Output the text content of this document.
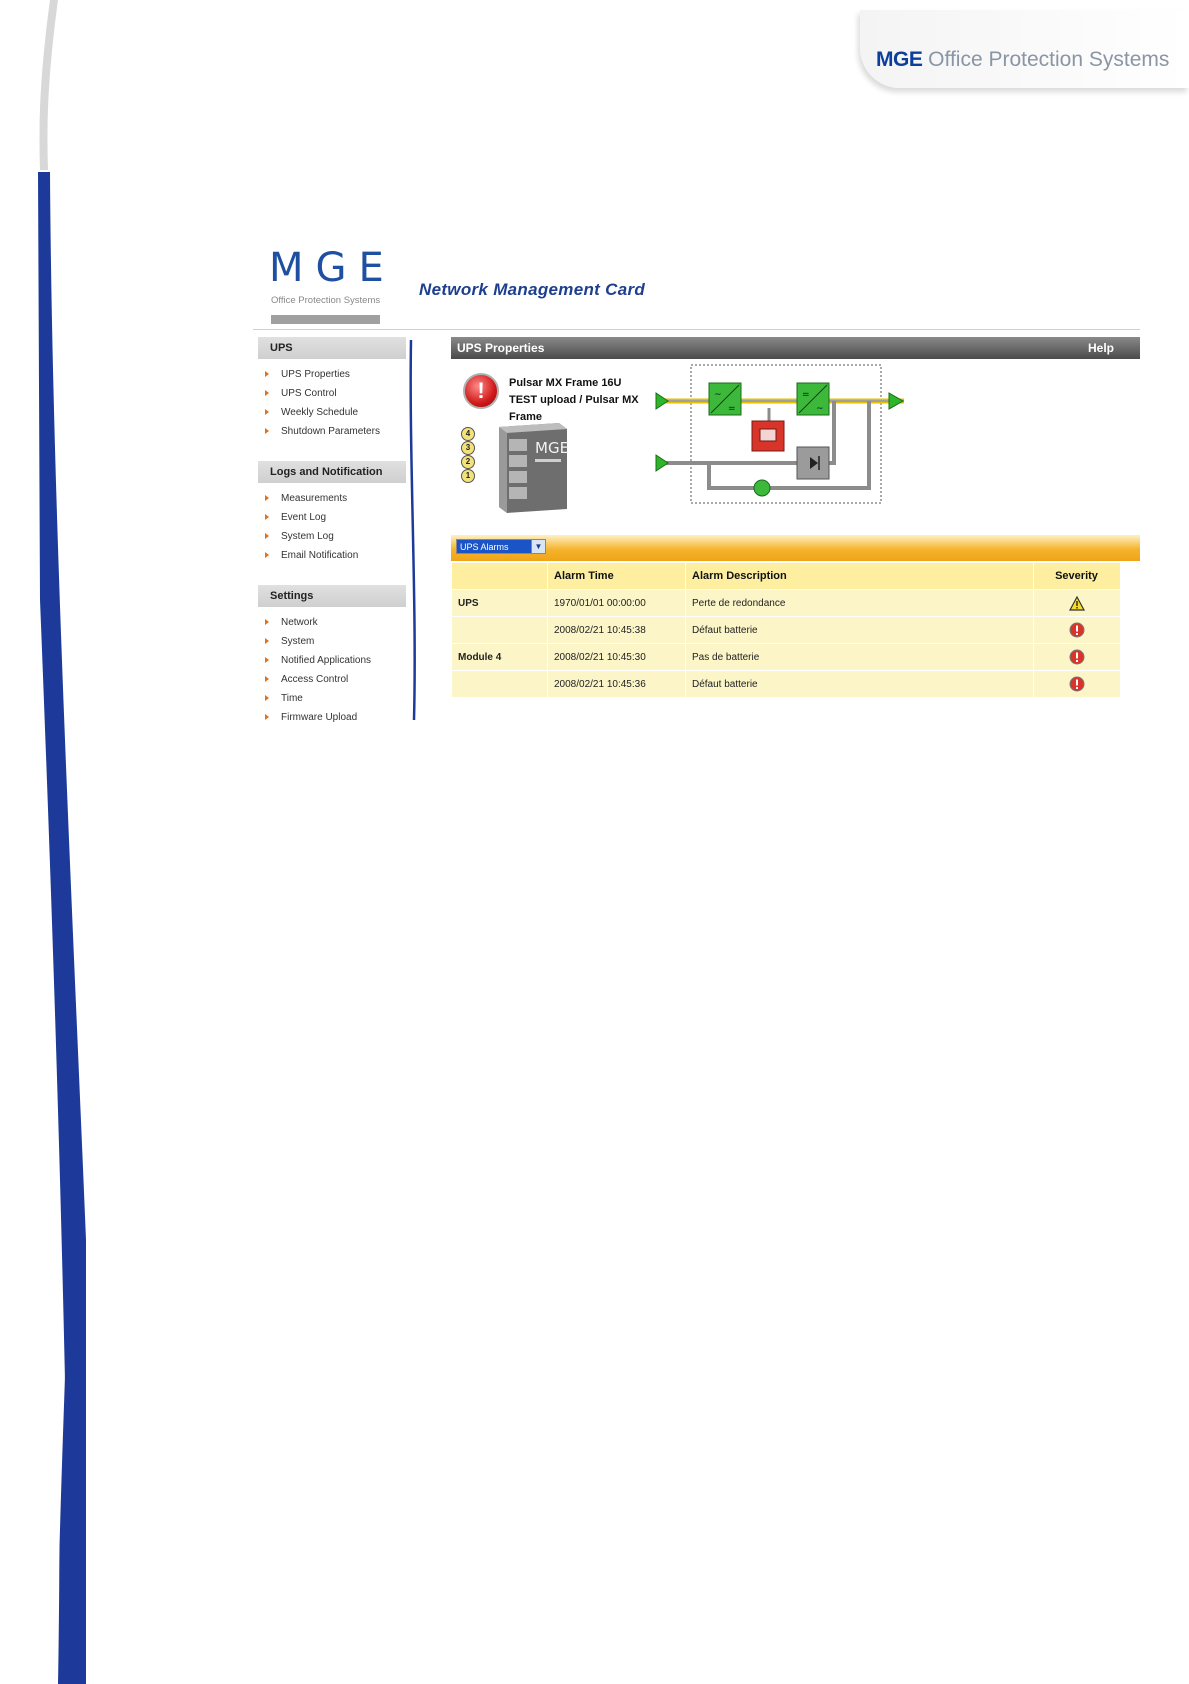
MGE Office Protection Systems
MGE
Office Protection Systems
Network Management Card
UPS
UPS Properties
UPS Control
Weekly Schedule
Shutdown Parameters
Logs and Notification
Measurements
Event Log
System Log
Email Notification
Settings
Network
System
Notified Applications
Access Control
Time
Firmware Upload
UPS Properties	Help
!	Pulsar MX Frame 16U
TEST upload / Pulsar MX Frame
MGE
4
3
2
1
~
=
=
~
UPS Alarms	▼
	Alarm Time	Alarm Description	Severity
UPS	1970/01/01 00:00:00	Perte de redondance	
	2008/02/21 10:45:38	Défaut batterie	
Module 4	2008/02/21 10:45:30	Pas de batterie	
	2008/02/21 10:45:36	Défaut batterie	
